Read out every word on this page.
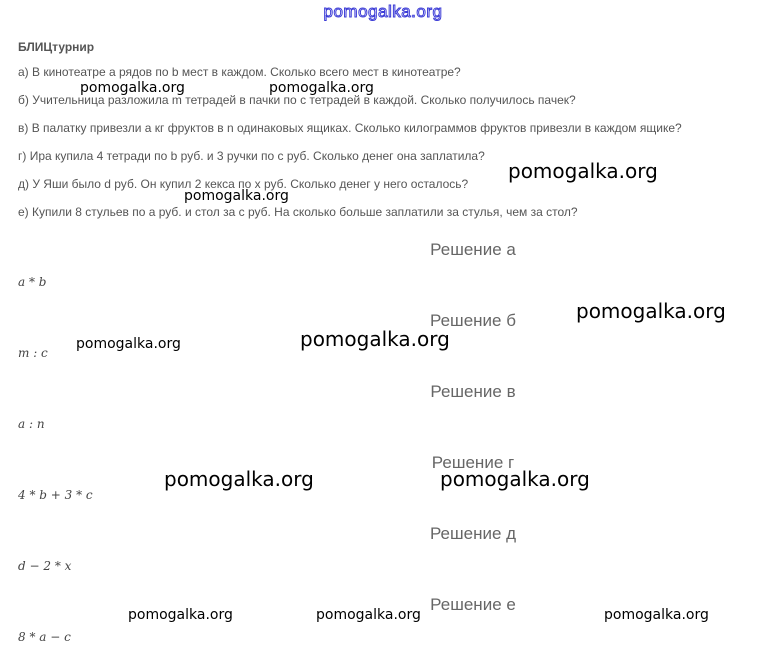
pomogalka.org
БЛИЦтурнир
а) В кинотеатре a рядов по b мест в каждом. Сколько всего мест в кинотеатре?
б) Учительница разложила m тетрадей в пачки по c тетрадей в каждой. Сколько получилось пачек?
в) В палатку привезли a кг фруктов в n одинаковых ящиках. Сколько килограммов фруктов привезли в каждом ящике?
г) Ира купила 4 тетради по b руб. и 3 ручки по c руб. Сколько денег она заплатила?
д) У Яши было d руб. Он купил 2 кекса по x руб. Сколько денег у него осталось?
е) Купили 8 стульев по a руб. и стол за c руб. На сколько больше заплатили за стулья, чем за стол?
Решение а
a * b
Решение б
m : c
Решение в
a : n
Решение г
4 * b + 3 * c
Решение д
d − 2 * x
Решение е
8 * a − c
pomogalka.org	pomogalka.org
pomogalka.org
pomogalka.org
pomogalka.org
pomogalka.org
pomogalka.org
pomogalka.org	pomogalka.org
pomogalka.org	pomogalka.org	pomogalka.org
